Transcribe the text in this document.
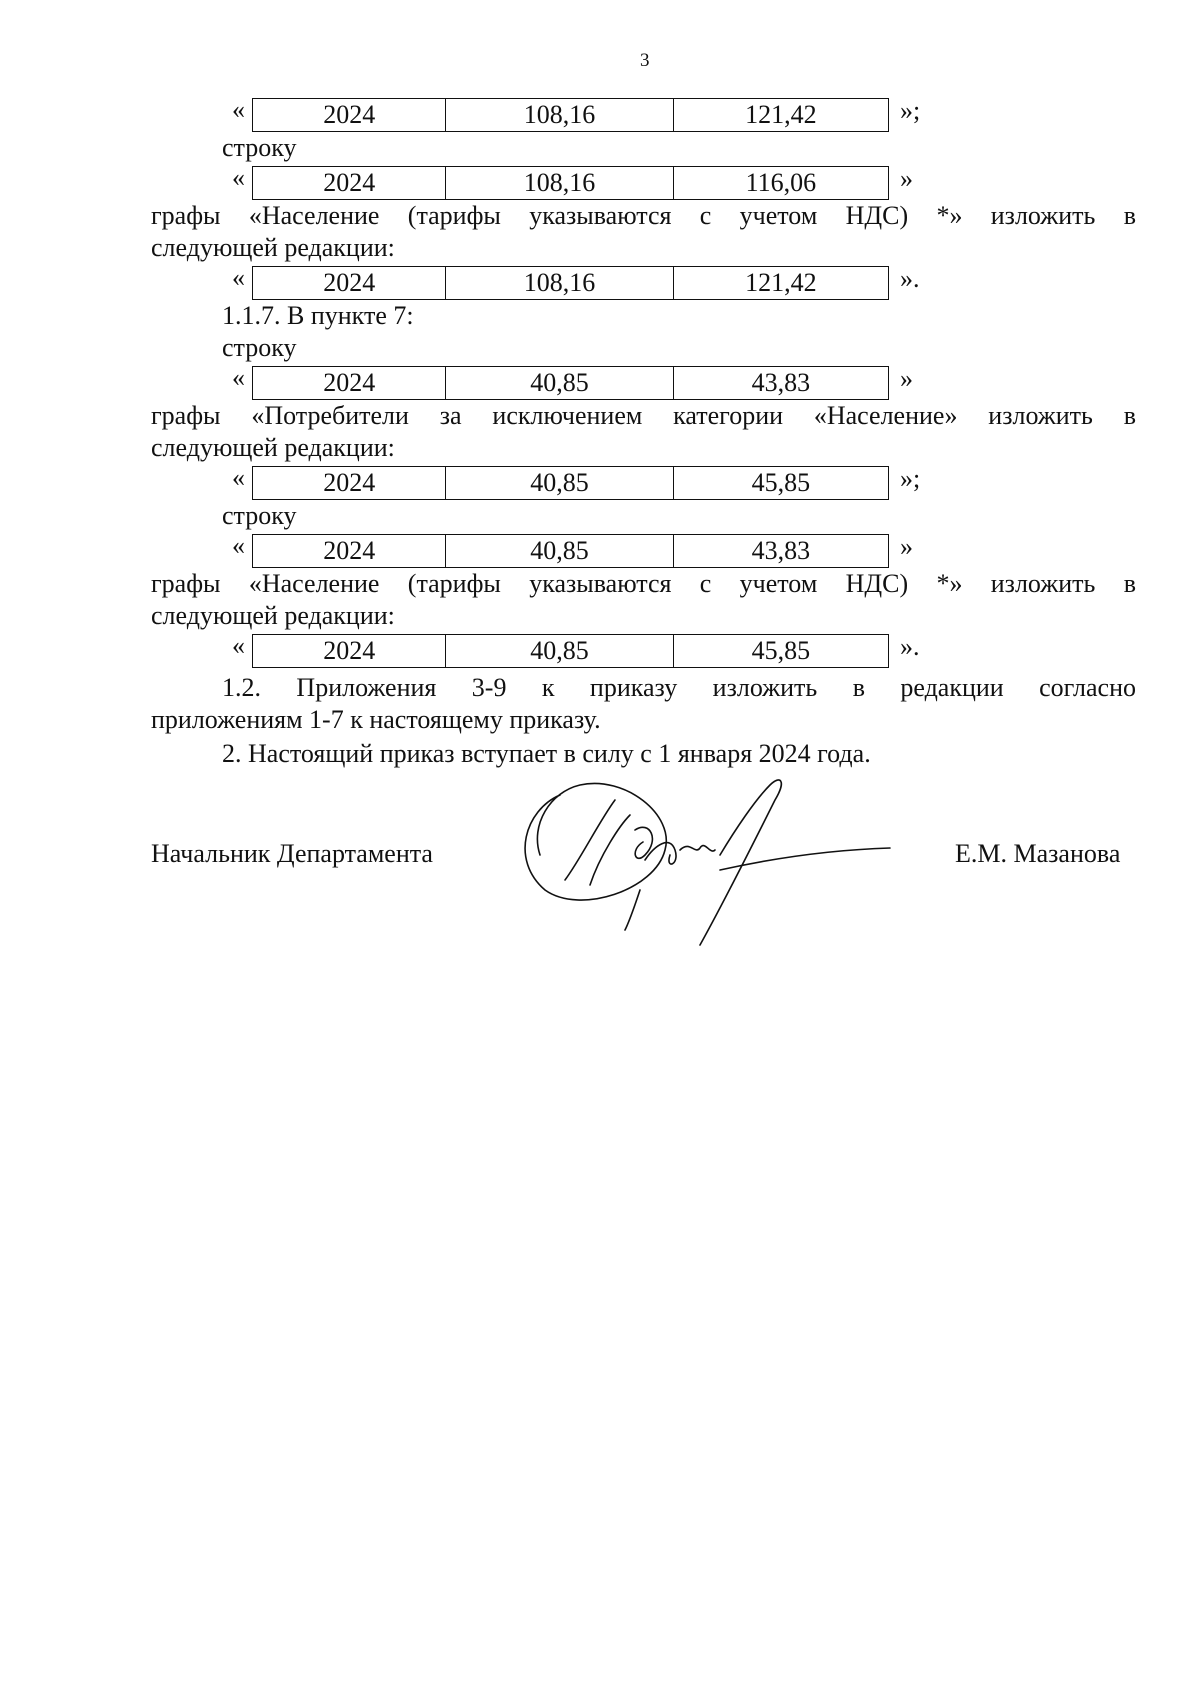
3
«	2024	108,16	121,42	»;
строку
«	2024	108,16	116,06	»
графы «Население (тарифы указываются с учетом НДС) *» изложить в
следующей редакции:
«	2024	108,16	121,42	».
1.1.7. В пункте 7:
строку
«	2024	40,85	43,83	»
графы «Потребители за исключением категории «Население» изложить в
следующей редакции:
«	2024	40,85	45,85	»;
строку
«	2024	40,85	43,83	»
графы «Население (тарифы указываются с учетом НДС) *» изложить в
следующей редакции:
«	2024	40,85	45,85	».
1.2. Приложения 3-9 к приказу изложить в редакции согласно
приложениям 1-7 к настоящему приказу.
2. Настоящий приказ вступает в силу с 1 января 2024 года.
Начальник Департамента	Е.М. Мазанова
